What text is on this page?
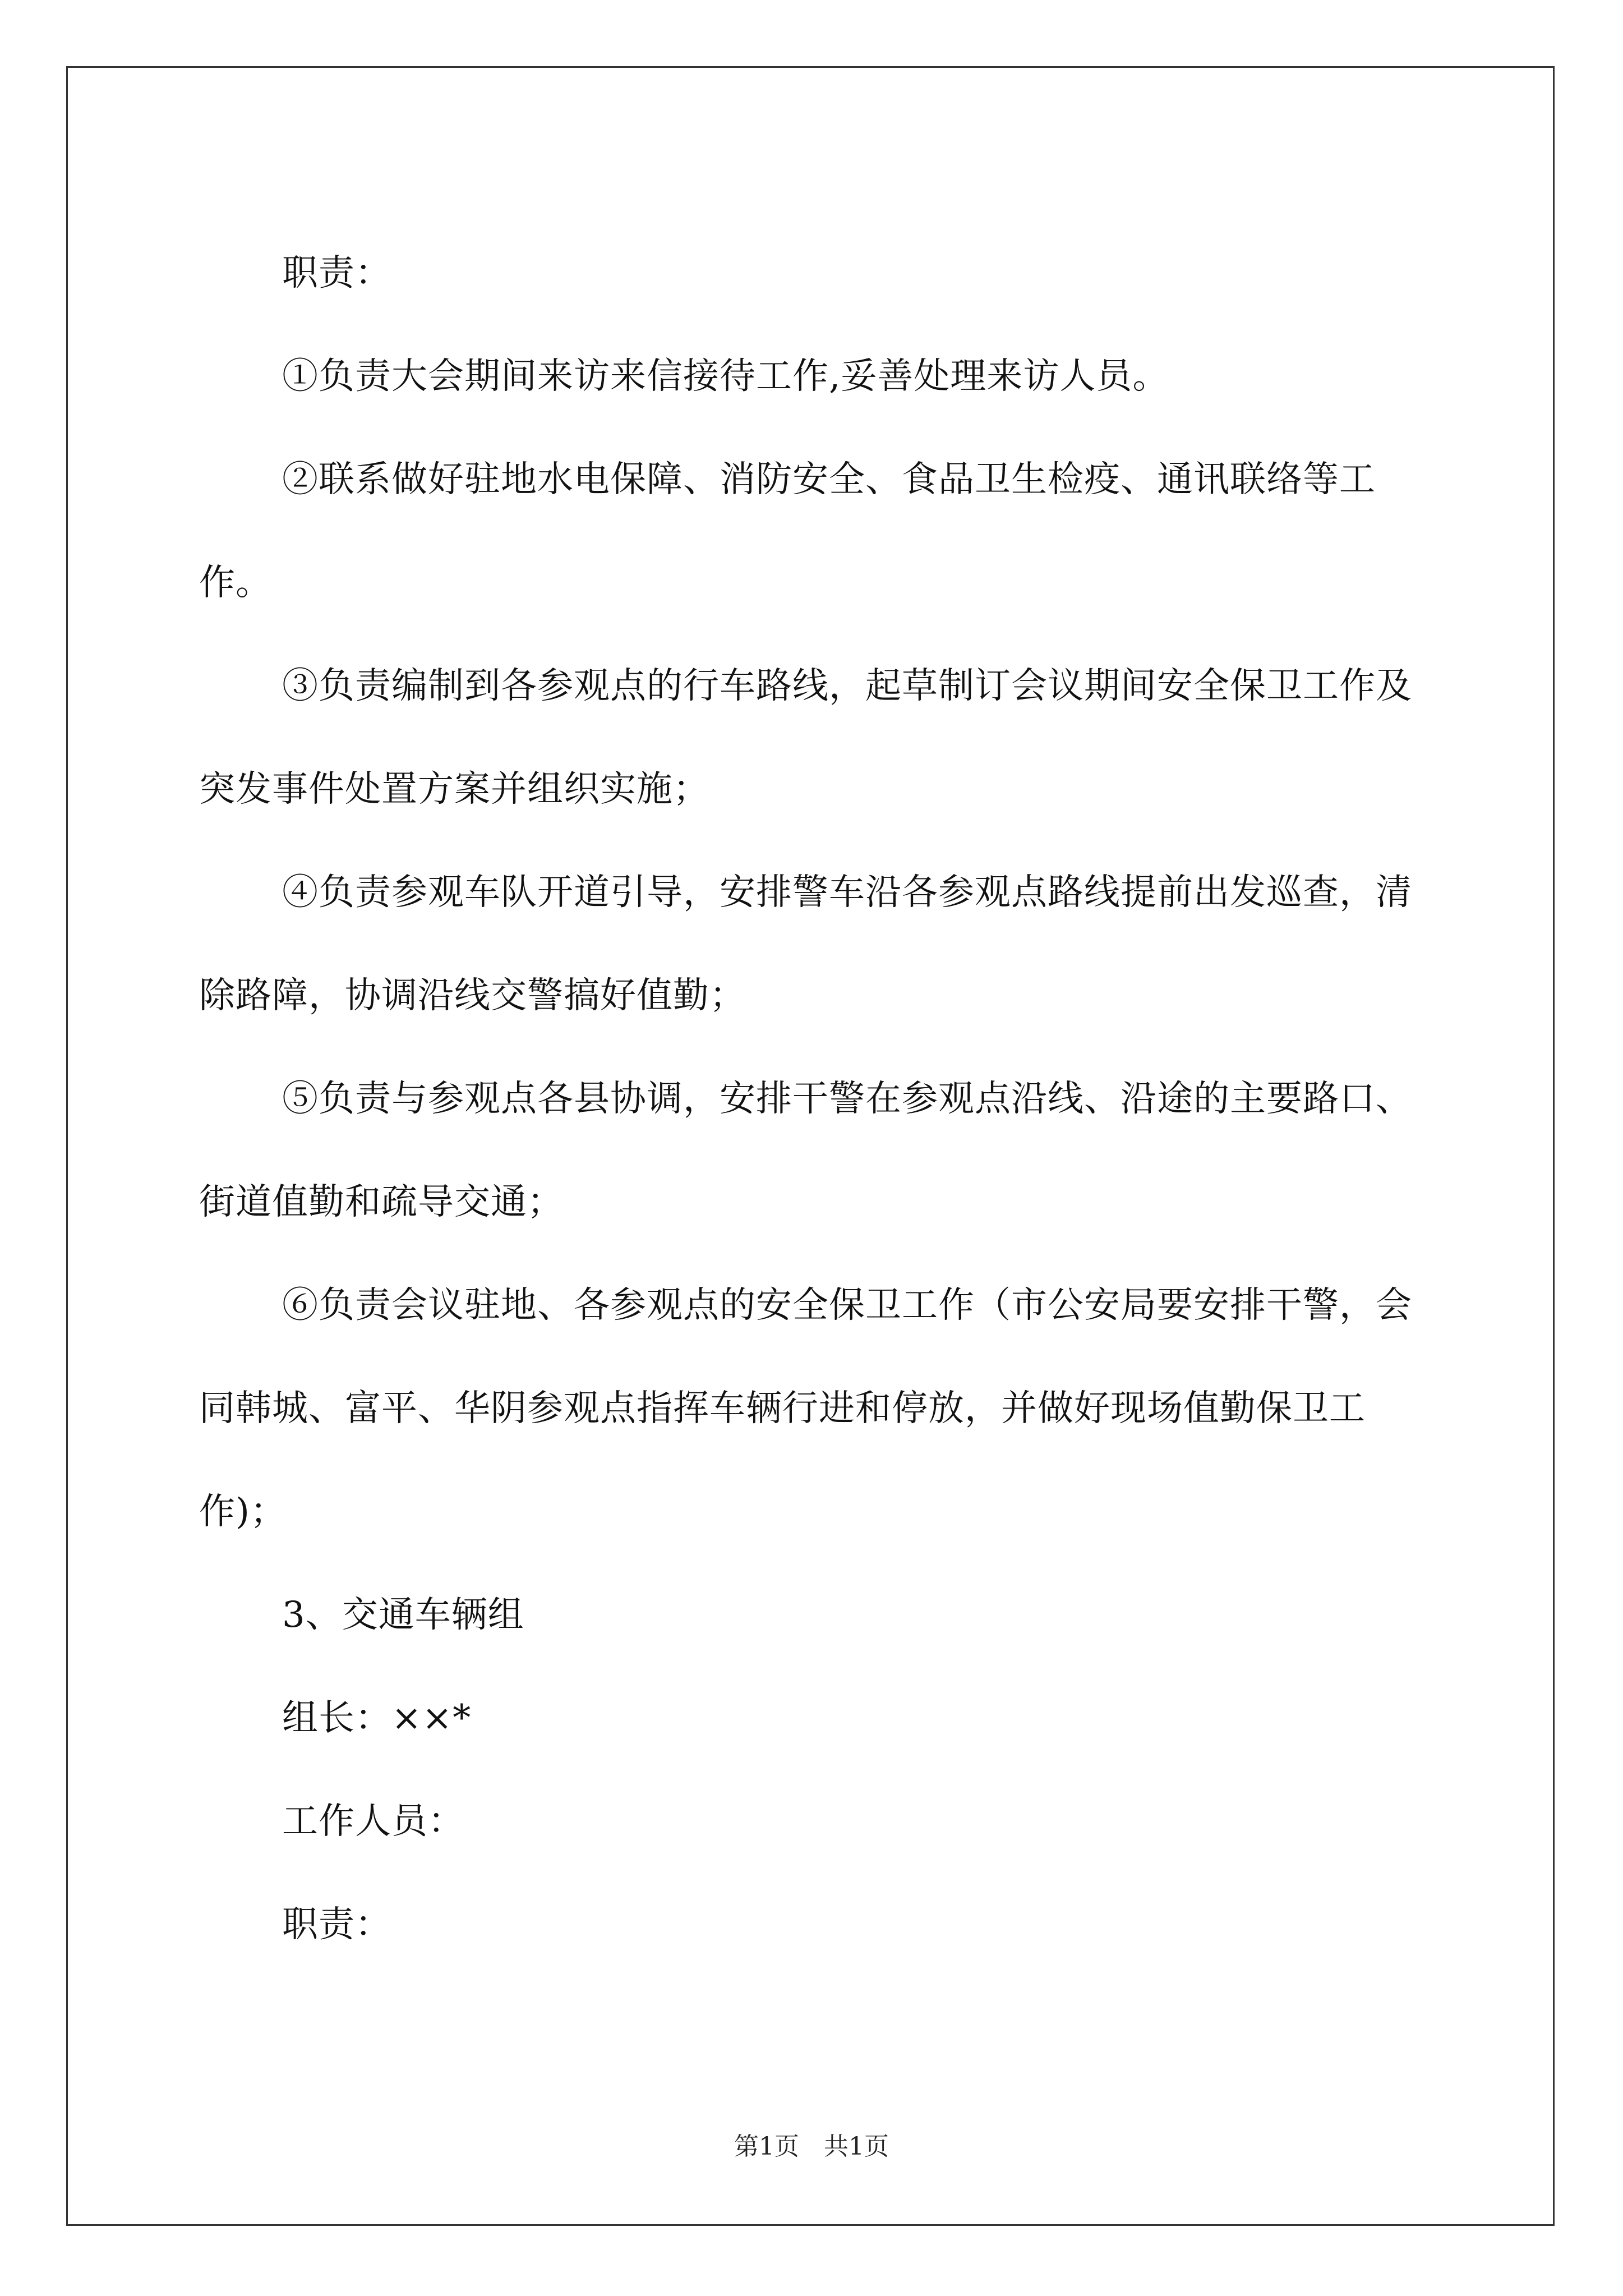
职责：

①负责大会期间来访来信接待工作,妥善处理来访人员。

②联系做好驻地水电保障、消防安全、食品卫生检疫、通讯联络等工作。

③负责编制到各参观点的行车路线，起草制订会议期间安全保卫工作及突发事件处置方案并组织实施；

④负责参观车队开道引导，安排警车沿各参观点路线提前出发巡查，清除路障，协调沿线交警搞好值勤；

⑤负责与参观点各县协调，安排干警在参观点沿线、沿途的主要路口、街道值勤和疏导交通；

⑥负责会议驻地、各参观点的安全保卫工作（市公安局要安排干警，会同韩城、富平、华阴参观点指挥车辆行进和停放，并做好现场值勤保卫工作)；

3、交通车辆组

组长：××*

工作人员：

职责：

第1页　共1页
